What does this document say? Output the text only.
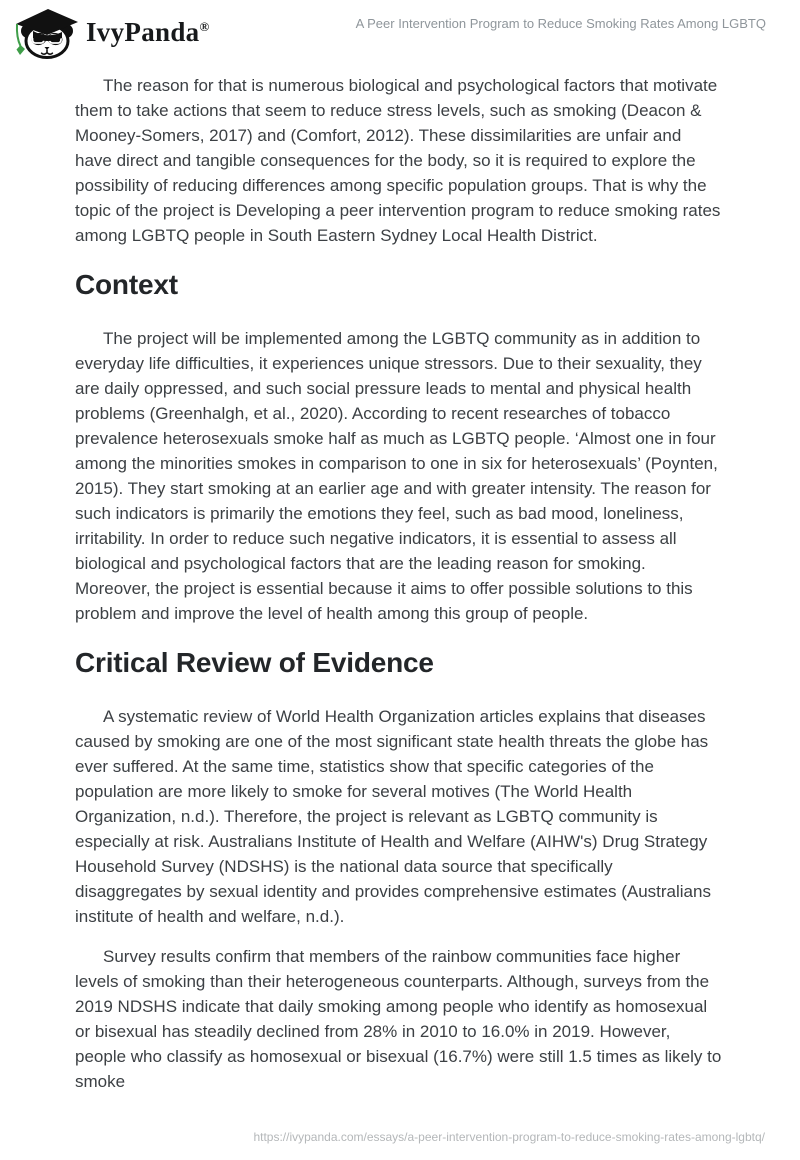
IvyPanda®	A Peer Intervention Program to Reduce Smoking Rates Among LGBTQ

The reason for that is numerous biological and psychological factors that motivate them to take actions that seem to reduce stress levels, such as smoking (Deacon & Mooney-Somers, 2017) and (Comfort, 2012). These dissimilarities are unfair and have direct and tangible consequences for the body, so it is required to explore the possibility of reducing differences among specific population groups. That is why the topic of the project is Developing a peer intervention program to reduce smoking rates among LGBTQ people in South Eastern Sydney Local Health District.

Context

The project will be implemented among the LGBTQ community as in addition to everyday life difficulties, it experiences unique stressors. Due to their sexuality, they are daily oppressed, and such social pressure leads to mental and physical health problems (Greenhalgh, et al., 2020). According to recent researches of tobacco prevalence heterosexuals smoke half as much as LGBTQ people. ‘Almost one in four among the minorities smokes in comparison to one in six for heterosexuals’ (Poynten, 2015). They start smoking at an earlier age and with greater intensity. The reason for such indicators is primarily the emotions they feel, such as bad mood, loneliness, irritability. In order to reduce such negative indicators, it is essential to assess all biological and psychological factors that are the leading reason for smoking. Moreover, the project is essential because it aims to offer possible solutions to this problem and improve the level of health among this group of people.

Critical Review of Evidence

A systematic review of World Health Organization articles explains that diseases caused by smoking are one of the most significant state health threats the globe has ever suffered. At the same time, statistics show that specific categories of the population are more likely to smoke for several motives (The World Health Organization, n.d.). Therefore, the project is relevant as LGBTQ community is especially at risk. Australians Institute of Health and Welfare (AIHW's) Drug Strategy Household Survey (NDSHS) is the national data source that specifically disaggregates by sexual identity and provides comprehensive estimates (Australians institute of health and welfare, n.d.).

Survey results confirm that members of the rainbow communities face higher levels of smoking than their heterogeneous counterparts. Although, surveys from the 2019 NDSHS indicate that daily smoking among people who identify as homosexual or bisexual has steadily declined from 28% in 2010 to 16.0% in 2019. However, people who classify as homosexual or bisexual (16.7%) were still 1.5 times as likely to smoke

https://ivypanda.com/essays/a-peer-intervention-program-to-reduce-smoking-rates-among-lgbtq/
